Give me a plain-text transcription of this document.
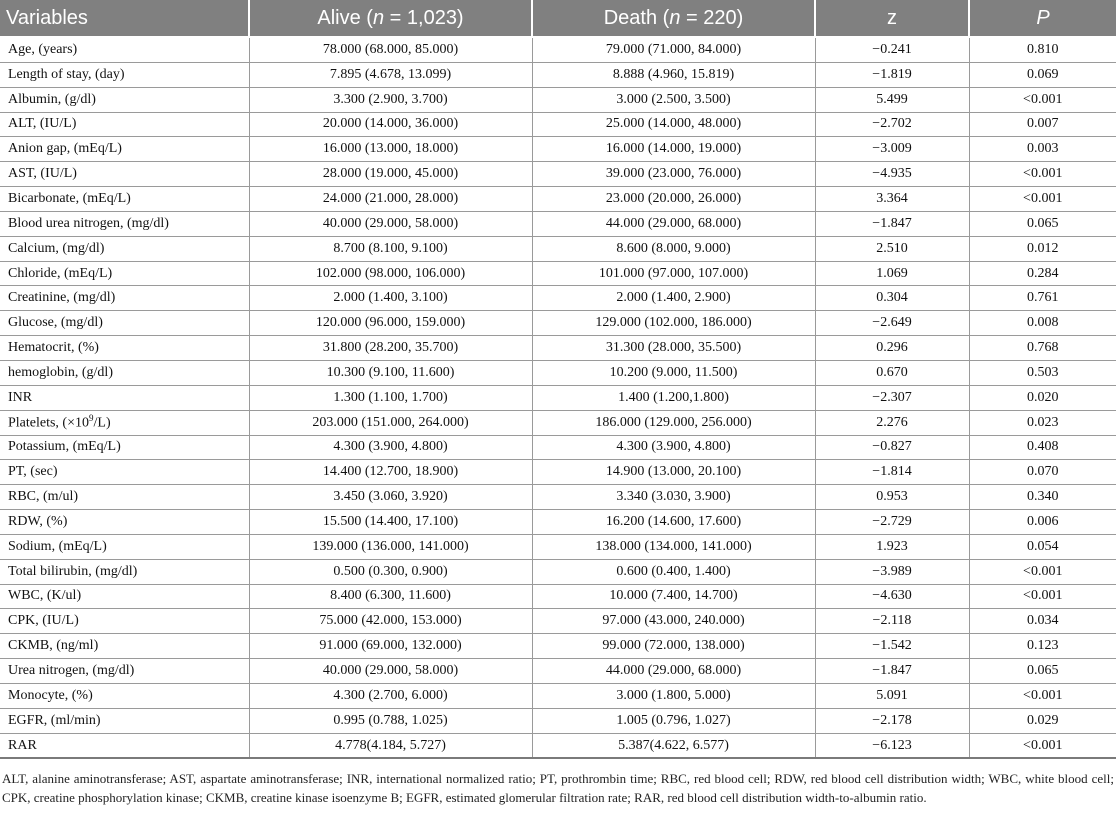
Variables	Alive (n = 1,023)	Death (n = 220)	z	P
Age, (years)	78.000 (68.000, 85.000)	79.000 (71.000, 84.000)	−0.241	0.810
Length of stay, (day)	7.895 (4.678, 13.099)	8.888 (4.960, 15.819)	−1.819	0.069
Albumin, (g/dl)	3.300 (2.900, 3.700)	3.000 (2.500, 3.500)	5.499	<0.001
ALT, (IU/L)	20.000 (14.000, 36.000)	25.000 (14.000, 48.000)	−2.702	0.007
Anion gap, (mEq/L)	16.000 (13.000, 18.000)	16.000 (14.000, 19.000)	−3.009	0.003
AST, (IU/L)	28.000 (19.000, 45.000)	39.000 (23.000, 76.000)	−4.935	<0.001
Bicarbonate, (mEq/L)	24.000 (21.000, 28.000)	23.000 (20.000, 26.000)	3.364	<0.001
Blood urea nitrogen, (mg/dl)	40.000 (29.000, 58.000)	44.000 (29.000, 68.000)	−1.847	0.065
Calcium, (mg/dl)	8.700 (8.100, 9.100)	8.600 (8.000, 9.000)	2.510	0.012
Chloride, (mEq/L)	102.000 (98.000, 106.000)	101.000 (97.000, 107.000)	1.069	0.284
Creatinine, (mg/dl)	2.000 (1.400, 3.100)	2.000 (1.400, 2.900)	0.304	0.761
Glucose, (mg/dl)	120.000 (96.000, 159.000)	129.000 (102.000, 186.000)	−2.649	0.008
Hematocrit, (%)	31.800 (28.200, 35.700)	31.300 (28.000, 35.500)	0.296	0.768
hemoglobin, (g/dl)	10.300 (9.100, 11.600)	10.200 (9.000, 11.500)	0.670	0.503
INR	1.300 (1.100, 1.700)	1.400 (1.200,1.800)	−2.307	0.020
Platelets, $(\times 10^9/L)$	203.000 (151.000, 264.000)	186.000 (129.000, 256.000)	2.276	0.023
Potassium, (mEq/L)	4.300 (3.900, 4.800)	4.300 (3.900, 4.800)	−0.827	0.408
PT, (sec)	14.400 (12.700, 18.900)	14.900 (13.000, 20.100)	−1.814	0.070
RBC, (m/ul)	3.450 (3.060, 3.920)	3.340 (3.030, 3.900)	0.953	0.340
RDW, (%)	15.500 (14.400, 17.100)	16.200 (14.600, 17.600)	−2.729	0.006
Sodium, (mEq/L)	139.000 (136.000, 141.000)	138.000 (134.000, 141.000)	1.923	0.054
Total bilirubin, (mg/dl)	0.500 (0.300, 0.900)	0.600 (0.400, 1.400)	−3.989	<0.001
WBC, (K/ul)	8.400 (6.300, 11.600)	10.000 (7.400, 14.700)	−4.630	<0.001
CPK, (IU/L)	75.000 (42.000, 153.000)	97.000 (43.000, 240.000)	−2.118	0.034
CKMB, (ng/ml)	91.000 (69.000, 132.000)	99.000 (72.000, 138.000)	−1.542	0.123
Urea nitrogen, (mg/dl)	40.000 (29.000, 58.000)	44.000 (29.000, 68.000)	−1.847	0.065
Monocyte, (%)	4.300 (2.700, 6.000)	3.000 (1.800, 5.000)	5.091	<0.001
EGFR, (ml/min)	0.995 (0.788, 1.025)	1.005 (0.796, 1.027)	−2.178	0.029
RAR	4.778(4.184, 5.727)	5.387(4.622, 6.577)	−6.123	<0.001

ALT, alanine aminotransferase; AST, aspartate aminotransferase; INR, international normalized ratio; PT, prothrombin time; RBC, red blood cell; RDW, red blood cell distribution width; WBC, white blood cell; CPK, creatine phosphorylation kinase; CKMB, creatine kinase isoenzyme B; EGFR, estimated glomerular filtration rate; RAR, red blood cell distribution width-to-albumin ratio.
